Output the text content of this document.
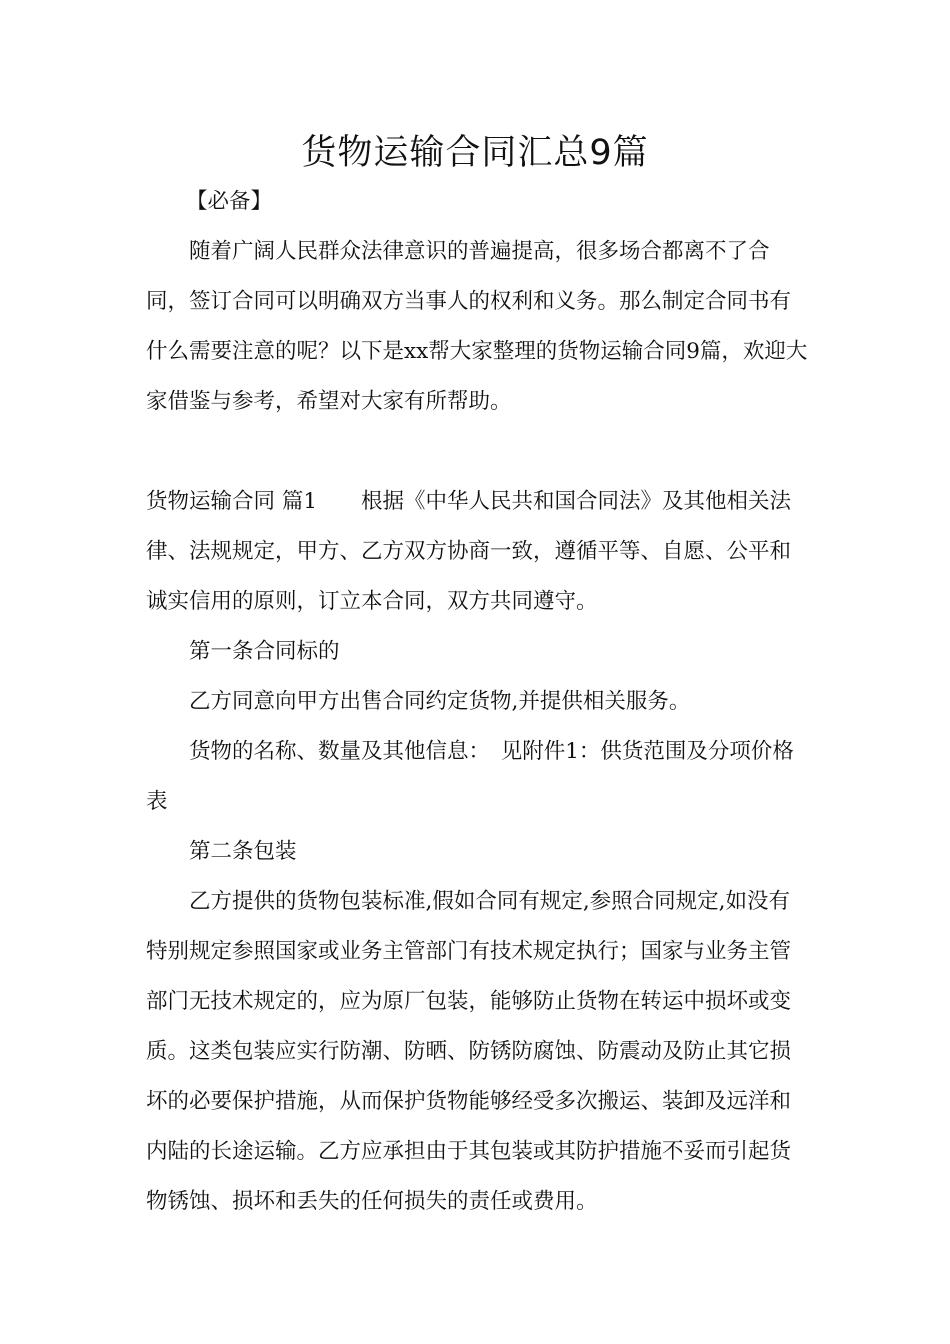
货物运输合同汇总9篇
【必备】

随着广阔人民群众法律意识的普遍提高，很多场合都离不了合同，签订合同可以明确双方当事人的权利和义务。那么制定合同书有什么需要注意的呢？以下是xx帮大家整理的货物运输合同9篇，欢迎大家借鉴与参考，希望对大家有所帮助。

货物运输合同 篇1 根据《中华人民共和国合同法》及其他相关法律、法规规定，甲方、乙方双方协商一致，遵循平等、自愿、公平和诚实信用的原则，订立本合同，双方共同遵守。

第一条合同标的

乙方同意向甲方出售合同约定货物,并提供相关服务。

货物的名称、数量及其他信息：　见附件1：供货范围及分项价格表

第二条包装

乙方提供的货物包装标准,假如合同有规定,参照合同规定,如没有特别规定参照国家或业务主管部门有技术规定执行；国家与业务主管部门无技术规定的，应为原厂包装，能够防止货物在转运中损坏或变质。这类包装应实行防潮、防晒、防锈防腐蚀、防震动及防止其它损坏的必要保护措施，从而保护货物能够经受多次搬运、装卸及远洋和内陆的长途运输。乙方应承担由于其包装或其防护措施不妥而引起货物锈蚀、损坏和丢失的任何损失的责任或费用。
